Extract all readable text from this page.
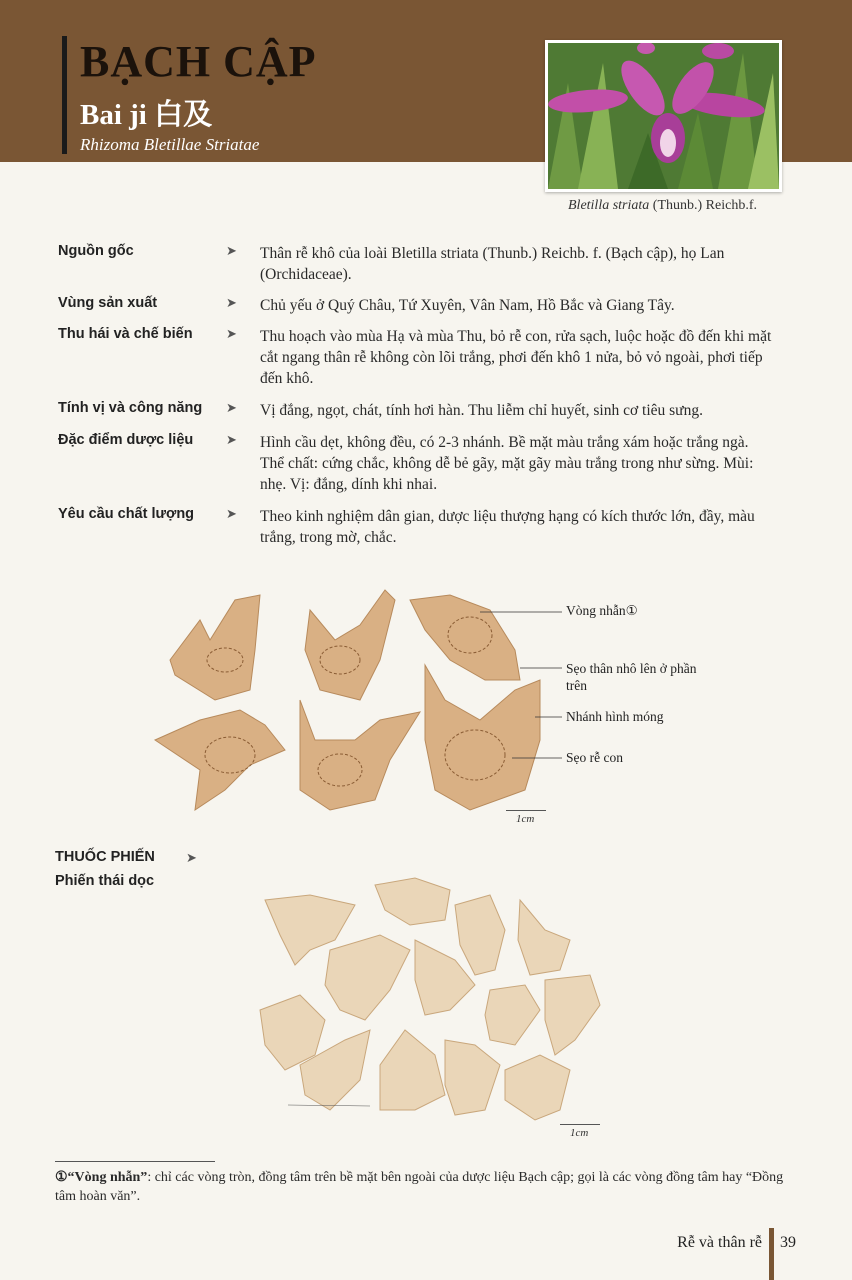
BẠCH CẬP
Bai ji 白及
Rhizoma Bletillae Striatae
Bletilla striata (Thunb.) Reichb.f.
Nguồn gốc	➤ Thân rễ khô của loài Bletilla striata (Thunb.) Reichb. f. (Bạch cập), họ Lan (Orchidaceae).
Vùng sản xuất	➤ Chủ yếu ở Quý Châu, Tứ Xuyên, Vân Nam, Hồ Bắc và Giang Tây.
Thu hái và chế biến	➤ Thu hoạch vào mùa Hạ và mùa Thu, bỏ rễ con, rửa sạch, luộc hoặc đồ đến khi mặt cắt ngang thân rễ không còn lõi trắng, phơi đến khô 1 nửa, bỏ vỏ ngoài, phơi tiếp đến khô.
Tính vị và công năng	➤ Vị đắng, ngọt, chát, tính hơi hàn. Thu liễm chỉ huyết, sinh cơ tiêu sưng.
Đặc điểm dược liệu	➤ Hình cầu dẹt, không đều, có 2-3 nhánh. Bề mặt màu trắng xám hoặc trắng ngà. Thể chất: cứng chắc, không dễ bẻ gãy, mặt gãy màu trắng trong như sừng. Mùi: nhẹ. Vị: đắng, dính khi nhai.
Yêu cầu chất lượng	➤ Theo kinh nghiệm dân gian, dược liệu thượng hạng có kích thước lớn, đầy, màu trắng, trong mờ, chắc.
Vòng nhẫn①
Sẹo thân nhô lên ở phần trên
Nhánh hình móng
Sẹo rễ con
1cm
THUỐC PHIẾN ➤
Phiến thái dọc
1cm
①“Vòng nhẫn”: chỉ các vòng tròn, đồng tâm trên bề mặt bên ngoài của dược liệu Bạch cập; gọi là các vòng đồng tâm hay “Đồng tâm hoàn văn”.
Rễ và thân rễ 39
